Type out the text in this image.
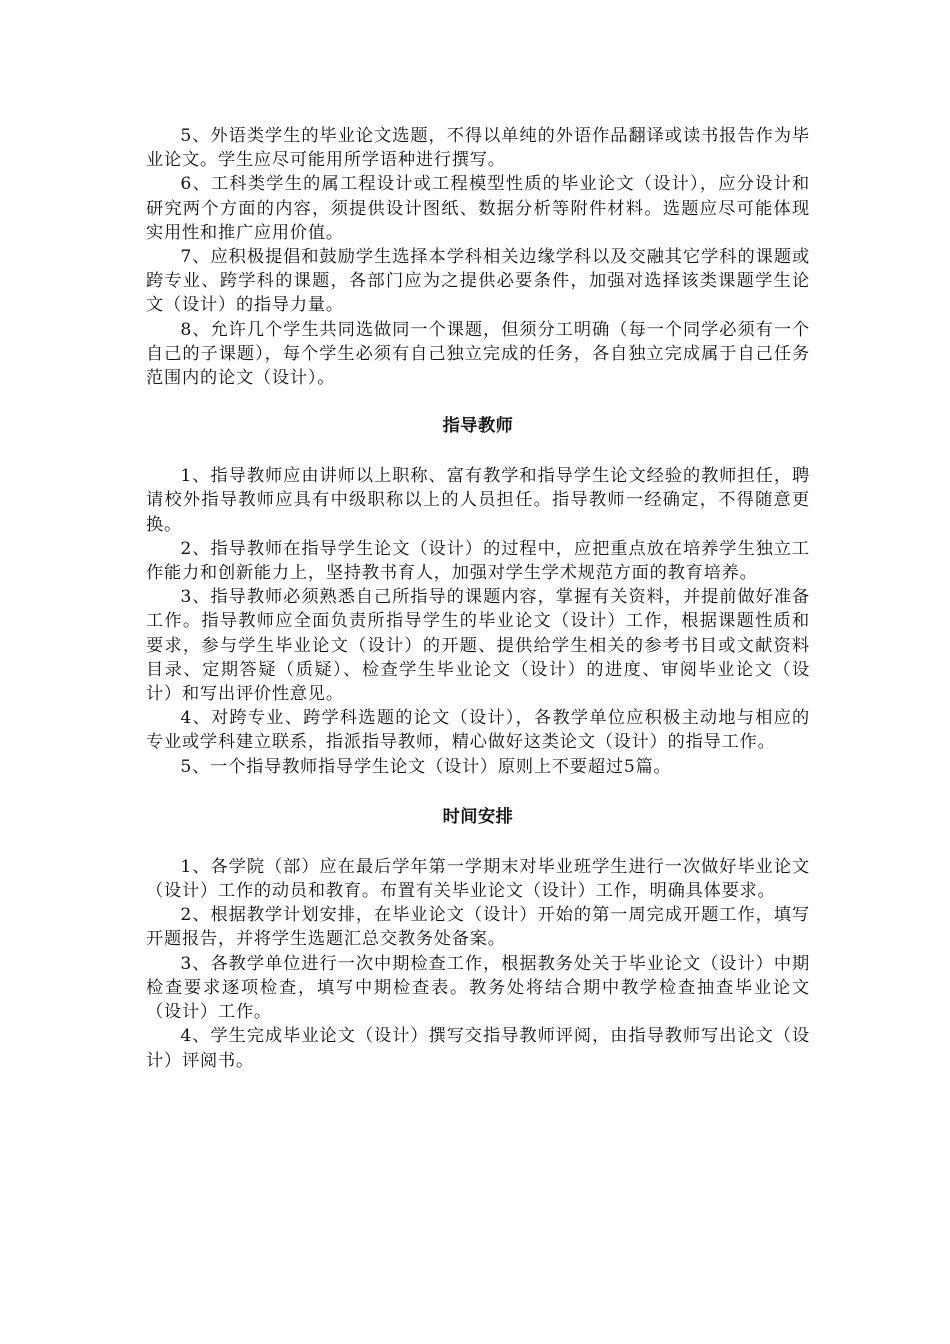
5、外语类学生的毕业论文选题，不得以单纯的外语作品翻译或读书报告作为毕业论文。学生应尽可能用所学语种进行撰写。

6、工科类学生的属工程设计或工程模型性质的毕业论文（设计），应分设计和研究两个方面的内容，须提供设计图纸、数据分析等附件材料。选题应尽可能体现实用性和推广应用价值。

7、应积极提倡和鼓励学生选择本学科相关边缘学科以及交融其它学科的课题或跨专业、跨学科的课题，各部门应为之提供必要条件，加强对选择该类课题学生论文（设计）的指导力量。

8、允许几个学生共同选做同一个课题，但须分工明确（每一个同学必须有一个自己的子课题），每个学生必须有自己独立完成的任务，各自独立完成属于自己任务范围内的论文（设计）。

指导教师

1、指导教师应由讲师以上职称、富有教学和指导学生论文经验的教师担任，聘请校外指导教师应具有中级职称以上的人员担任。指导教师一经确定，不得随意更换。

2、指导教师在指导学生论文（设计）的过程中，应把重点放在培养学生独立工作能力和创新能力上，坚持教书育人，加强对学生学术规范方面的教育培养。

3、指导教师必须熟悉自己所指导的课题内容，掌握有关资料，并提前做好准备工作。指导教师应全面负责所指导学生的毕业论文（设计）工作，根据课题性质和要求，参与学生毕业论文（设计）的开题、提供给学生相关的参考书目或文献资料目录、定期答疑（质疑）、检查学生毕业论文（设计）的进度、审阅毕业论文（设计）和写出评价性意见。

4、对跨专业、跨学科选题的论文（设计），各教学单位应积极主动地与相应的专业或学科建立联系，指派指导教师，精心做好这类论文（设计）的指导工作。

5、一个指导教师指导学生论文（设计）原则上不要超过5篇。

时间安排

1、各学院（部）应在最后学年第一学期末对毕业班学生进行一次做好毕业论文（设计）工作的动员和教育。布置有关毕业论文（设计）工作，明确具体要求。

2、根据教学计划安排，在毕业论文（设计）开始的第一周完成开题工作，填写开题报告，并将学生选题汇总交教务处备案。

3、各教学单位进行一次中期检查工作，根据教务处关于毕业论文（设计）中期检查要求逐项检查，填写中期检查表。教务处将结合期中教学检查抽查毕业论文（设计）工作。

4、学生完成毕业论文（设计）撰写交指导教师评阅，由指导教师写出论文（设计）评阅书。
